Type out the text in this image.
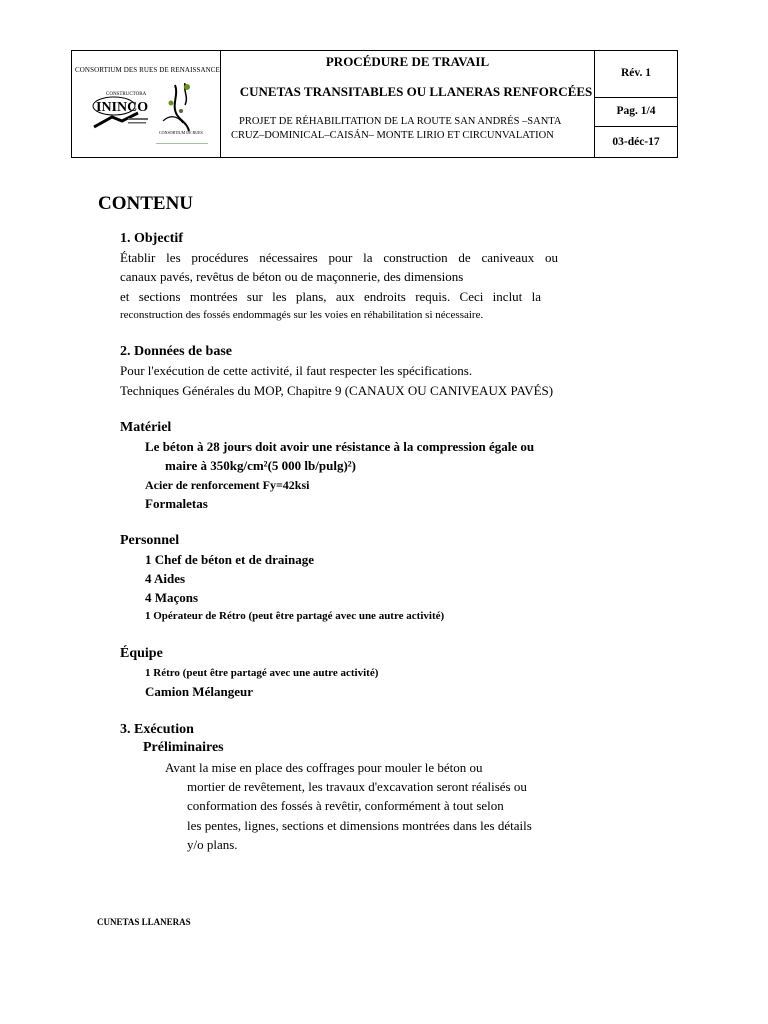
CONSORTIUM DES RUES DE RENAISSANCE
CONSTRUCTORA
ININCO
CONSORTIUM DE RUES
PROCÉDURE DE TRAVAIL
CUNETAS TRANSITABLES OU LLANERAS RENFORCÉES
PROJET DE RÉHABILITATION DE LA ROUTE SAN ANDRÉS –SANTA
CRUZ–DOMINICAL–CAISÁN– MONTE LIRIO ET CIRCUNVALATION
Rév. 1
Pag. 1/4
03-déc-17
CONTENU
1. Objectif
Établir les procédures nécessaires pour la construction de caniveaux ou
canaux pavés, revêtus de béton ou de maçonnerie, des dimensions
et sections montrées sur les plans, aux endroits requis. Ceci inclut la
reconstruction des fossés endommagés sur les voies en réhabilitation si nécessaire.
2. Données de base
Pour l'exécution de cette activité, il faut respecter les spécifications.
Techniques Générales du MOP, Chapitre 9 (CANAUX OU CANIVEAUX PAVÉS)
Matériel
Le béton à 28 jours doit avoir une résistance à la compression égale ou
maire à 350kg/cm²(5 000 lb/pulg)²)
Acier de renforcement Fy=42ksi
Formaletas
Personnel
1 Chef de béton et de drainage
4 Aides
4 Maçons
1 Opérateur de Rétro (peut être partagé avec une autre activité)
Équipe
1 Rétro (peut être partagé avec une autre activité)
Camion Mélangeur
3. Exécution
Préliminaires
Avant la mise en place des coffrages pour mouler le béton ou
mortier de revêtement, les travaux d'excavation seront réalisés ou
conformation des fossés à revêtir, conformément à tout selon
les pentes, lignes, sections et dimensions montrées dans les détails
y/o plans.
CUNETAS LLANERAS
